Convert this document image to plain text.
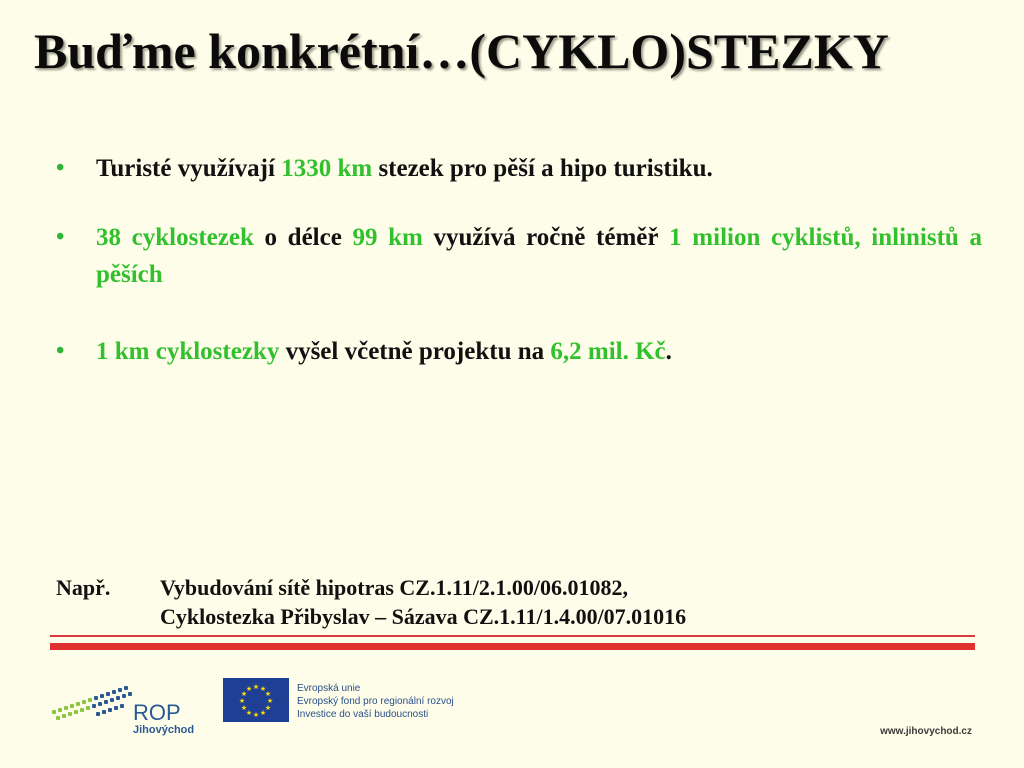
Buďme konkrétní…(CYKLO)STEZKY
• Turisté využívají 1330 km stezek pro pěší a hipo turistiku.
• 38 cyklostezek o délce 99 km využívá ročně téměř 1 milion cyklistů, inlinistů a pěších
• 1 km cyklostezky vyšel včetně projektu na 6,2 mil. Kč.
Např. Vybudování sítě hipotras CZ.1.11/2.1.00/06.01082,
Cyklostezka Přibyslav – Sázava CZ.1.11/1.4.00/07.01016
ROP
Jihovýchod
★ ★
★
★
★
★
★
★
★
★
★
★	Evropská unie
Evropský fond pro regionální rozvoj
Investice do vaší budoucnosti
www.jihovychod.cz
